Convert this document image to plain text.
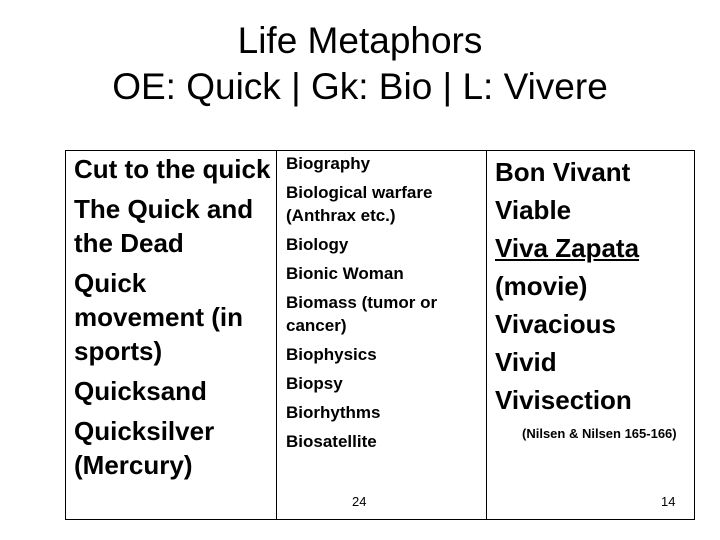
Life Metaphors
OE: Quick | Gk: Bio | L: Vivere
Cut to the quick
The Quick and the Dead
Quick movement (in sports)
Quicksand
Quicksilver (Mercury)
Biography
Biological warfare (Anthrax etc.)
Biology
Bionic Woman
Biomass (tumor or cancer)
Biophysics
Biopsy
Biorhythms
Biosatellite
Bon Vivant
Viable
Viva Zapata
(movie)
Vivacious
Vivid
Vivisection
(Nilsen & Nilsen 165-166)
24	14
